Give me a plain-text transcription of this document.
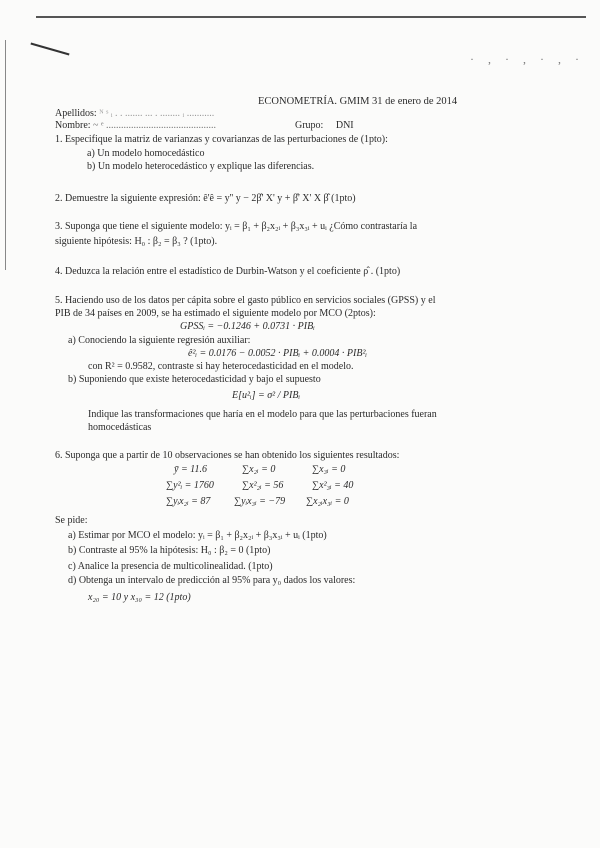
·,·,·,·
ECONOMETRÍA. GMIM 31 de enero de 2014
Apellidos: ᴺ ˢ ᵢ . . ....... ... . ........ ᵢ ...........
Nombre: ~ ᵉ ............................................	Grupo: DNI
1. Especifique la matriz de varianzas y covarianzas de las perturbaciones de (1pto):
a) Un modelo homocedástico
b) Un modelo heterocedástico y explique las diferencias.
2. Demuestre la siguiente expresión: ê'ê = y'' y − 2β̂' X' y + β̂' X' X β̂ (1pto)
3. Suponga que tiene el siguiente modelo: yᵢ = β₁ + β₂x₂ᵢ + β₃x₃ᵢ + uᵢ ¿Cómo contrastaría la
siguiente hipótesis: H₀ : β₂ = β₃ ? (1pto).
4. Deduzca la relación entre el estadístico de Durbin-Watson y el coeficiente ρ̂ . (1pto)
5. Haciendo uso de los datos per cápita sobre el gasto público en servicios sociales (GPSS) y el
PIB de 34 países en 2009, se ha estimado el siguiente modelo por MCO (2ptos):
GPSSᵢ = −0.1246 + 0.0731 · PIBᵢ
a) Conociendo la siguiente regresión auxiliar:
ê²ᵢ = 0.0176 − 0.0052 · PIBᵢ + 0.0004 · PIB²ᵢ
con R² = 0.9582, contraste si hay heterocedasticidad en el modelo.
b) Suponiendo que existe heterocedasticidad y bajo el supuesto
E[u²ᵢ] = σ² / PIBᵢ
Indique las transformaciones que haría en el modelo para que las perturbaciones fueran
homocedásticas
6. Suponga que a partir de 10 observaciones se han obtenido los siguientes resultados:
ȳ = 11.6	∑x₂ᵢ = 0	∑x₃ᵢ = 0
∑y²ᵢ = 1760	∑x²₂ᵢ = 56	∑x²₃ᵢ = 40
∑yᵢx₂ᵢ = 87 ∑yᵢx₃ᵢ = −79 ∑x₂ᵢx₃ᵢ = 0
Se pide:
a) Estimar por MCO el modelo: yᵢ = β₁ + β₂x₂ᵢ + β₃x₃ᵢ + uᵢ (1pto)
b) Contraste al 95% la hipótesis: H₀ : β₂ = 0 (1pto)
c) Analice la presencia de multicolinealidad. (1pto)
d) Obtenga un intervalo de predicción al 95% para y₀ dados los valores:
x₂₀ = 10 y x₃₀ = 12 (1pto)
